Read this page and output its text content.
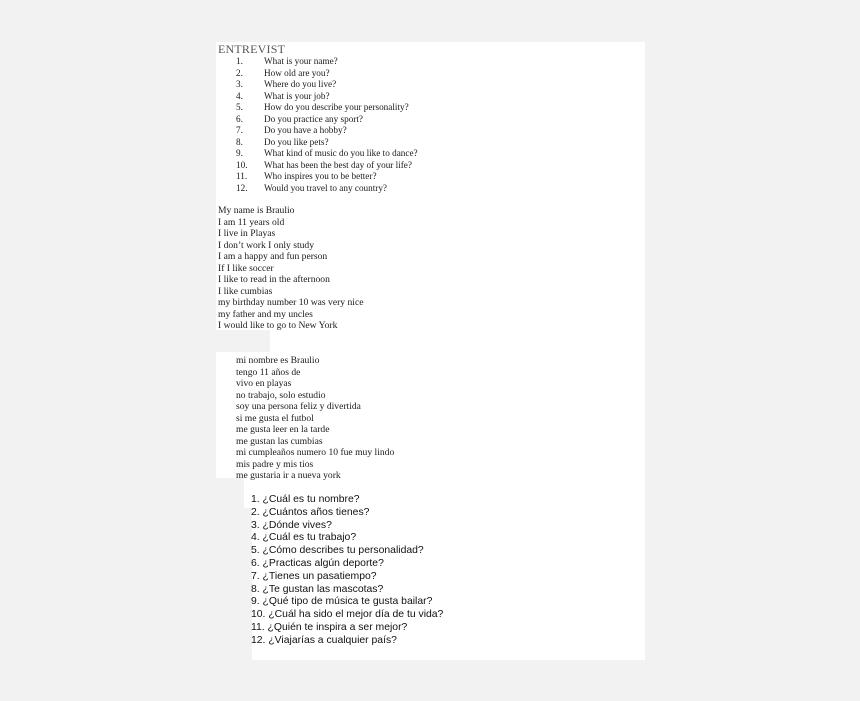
ENTREVIST
1. What is your name?
2. How old are you?
3. Where do you live?
4. What is your job?
5. How do you describe your personality?
6. Do you practice any sport?
7. Do you have a hobby?
8. Do you like pets?
9. What kind of music do you like to dance?
10. What has been the best day of your life?
11. Who inspires you to be better?
12. Would you travel to any country?
My name is Braulio
I am 11 years old
I live in Playas
I don’t work I only study
I am a happy and fun person
If I like soccer
I like to read in the afternoon
I like cumbias
my birthday number 10 was very nice
my father and my uncles
I would like to go to New York
mi nombre es Braulio
tengo 11 años de
vivo en playas
no trabajo, solo estudio
soy una persona feliz y divertida
si me gusta el futbol
me gusta leer en la tarde
me gustan las cumbias
mi cumpleaños numero 10 fue muy lindo
mis padre y mis tios
me gustaria ir a nueva york
1. ¿Cuál es tu nombre?
2. ¿Cuántos años tienes?
3. ¿Dónde vives?
4. ¿Cuál es tu trabajo?
5. ¿Cómo describes tu personalidad?
6. ¿Practicas algún deporte?
7. ¿Tienes un pasatiempo?
8. ¿Te gustan las mascotas?
9. ¿Qué tipo de música te gusta bailar?
10. ¿Cuál ha sido el mejor día de tu vida?
11. ¿Quién te inspira a ser mejor?
12. ¿Viajarías a cualquier país?
